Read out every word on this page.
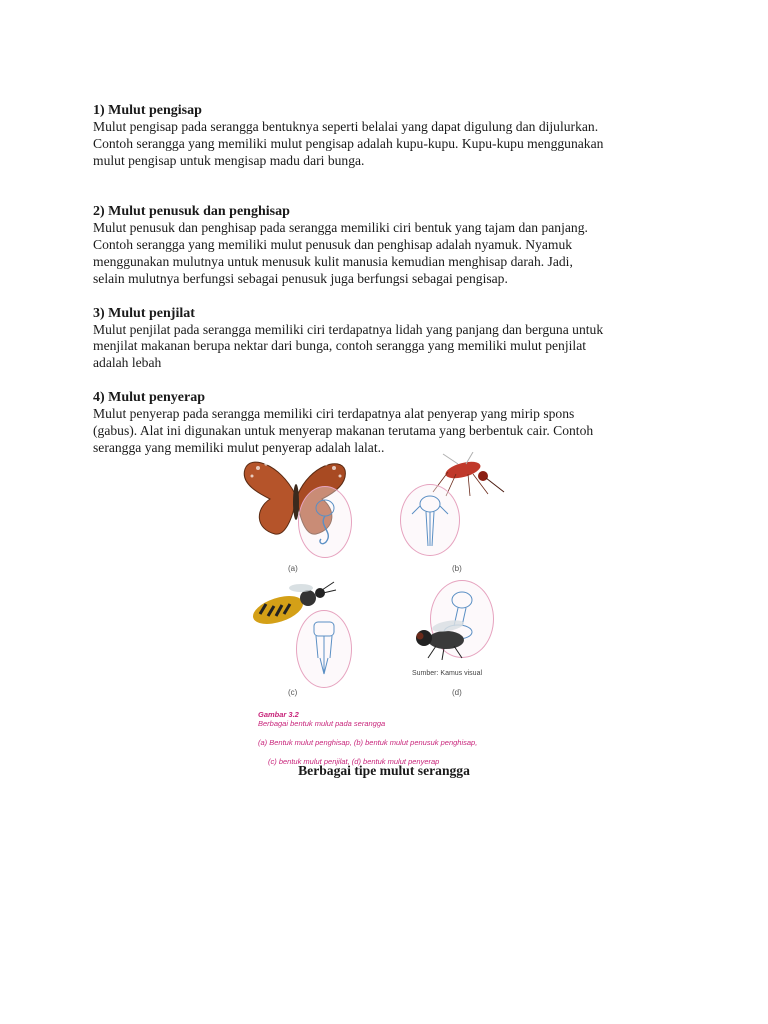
1) Mulut pengisap

Mulut pengisap pada serangga bentuknya seperti belalai yang dapat digulung dan dijulurkan.
Contoh serangga yang memiliki mulut pengisap adalah kupu-kupu. Kupu-kupu menggunakan
mulut pengisap untuk mengisap madu dari bunga.

2) Mulut penusuk dan penghisap

Mulut penusuk dan penghisap pada serangga memiliki ciri bentuk yang tajam dan panjang.
Contoh serangga yang memiliki mulut penusuk dan penghisap adalah nyamuk. Nyamuk
menggunakan mulutnya untuk menusuk kulit manusia kemudian menghisap darah. Jadi,
selain mulutnya berfungsi sebagai penusuk juga berfungsi sebagai pengisap.

3) Mulut penjilat

Mulut penjilat pada serangga memiliki ciri terdapatnya lidah yang panjang dan berguna untuk
menjilat makanan berupa nektar dari bunga, contoh serangga yang memiliki mulut penjilat
adalah lebah

4) Mulut penyerap

Mulut penyerap pada serangga memiliki ciri terdapatnya alat penyerap yang mirip spons
(gabus). Alat ini digunakan untuk menyerap makanan terutama yang berbentuk cair. Contoh
serangga yang memiliki mulut penyerap adalah lalat..

(a)	(b)
(c)
Sumber: Kamus visual
(d)

Gambar 3.2
Berbagai bentuk mulut pada serangga

(a) Bentuk mulut penghisap, (b) bentuk mulut penusuk penghisap,

(c) bentuk mulut penjilat, (d) bentuk mulut penyerap

Berbagai tipe mulut serangga
